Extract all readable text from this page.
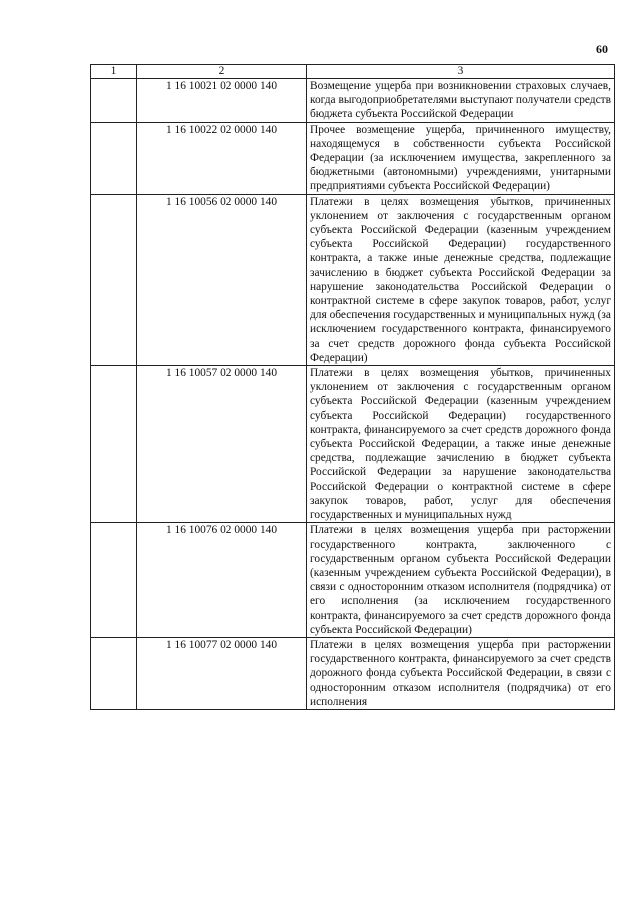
60
1	2	3
	1 16 10021 02 0000 140	Возмещение ущерба при возникновении страховых случаев, когда выгодоприобретателями выступают получатели средств бюджета субъекта Российской Федерации
	1 16 10022 02 0000 140	Прочее возмещение ущерба, причиненного имуществу, находящемуся в собственности субъекта Российской Федерации (за исключением имущества, закрепленного за бюджетными (автономными) учреждениями, унитарными предприятиями субъекта Российской Федерации)
	1 16 10056 02 0000 140	Платежи в целях возмещения убытков, причиненных уклонением от заключения с государственным органом субъекта Российской Федерации (казенным учреждением субъекта Российской Федерации) государственного контракта, а также иные денежные средства, подлежащие зачислению в бюджет субъекта Российской Федерации за нарушение законодательства Российской Федерации о контрактной системе в сфере закупок товаров, работ, услуг для обеспечения государственных и муниципальных нужд (за исключением государственного контракта, финансируемого за счет средств дорожного фонда субъекта Российской Федерации)
	1 16 10057 02 0000 140	Платежи в целях возмещения убытков, причиненных уклонением от заключения с государственным органом субъекта Российской Федерации (казенным учреждением субъекта Российской Федерации) государственного контракта, финансируемого за счет средств дорожного фонда субъекта Российской Федерации, а также иные денежные средства, подлежащие зачислению в бюджет субъекта Российской Федерации за нарушение законодательства Российской Федерации о контрактной системе в сфере закупок товаров, работ, услуг для обеспечения государственных и муниципальных нужд
	1 16 10076 02 0000 140	Платежи в целях возмещения ущерба при расторжении государственного контракта, заключенного с государственным органом субъекта Российской Федерации (казенным учреждением субъекта Российской Федерации), в связи с односторонним отказом исполнителя (подрядчика) от его исполнения (за исключением государственного контракта, финансируемого за счет средств дорожного фонда субъекта Российской Федерации)
	1 16 10077 02 0000 140	Платежи в целях возмещения ущерба при расторжении государственного контракта, финансируемого за счет средств дорожного фонда субъекта Российской Федерации, в связи с односторонним отказом исполнителя (подрядчика) от его исполнения
